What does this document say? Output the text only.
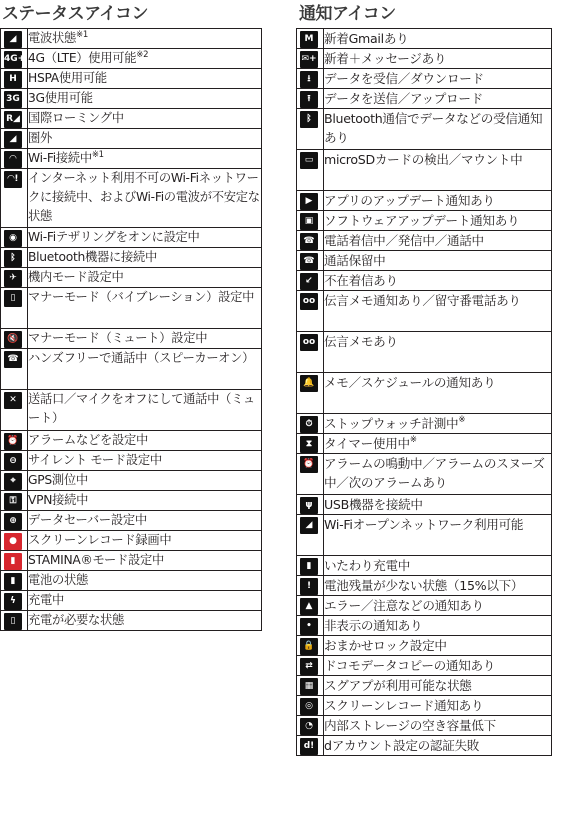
ステータスアイコン
◢	電波状態$^{※1}$

4G+	4G（LTE）使用可能$^{※2}$

H	HSPA使用可能

3G	3G使用可能

R◢	国際ローミング中

◢	圏外

◠	Wi-Fi接続中$^{※1}$

◠!	インターネット利用不可のWi-Fiネットワークに接続中、およびWi-Fiの電波が不安定な状態

◉	Wi-Fiテザリングをオンに設定中

ᛒ	Bluetooth機器に接続中

✈	機内モード設定中

▯	マナーモード（バイブレーション）設定中

🔇	マナーモード（ミュート）設定中

☎	ハンズフリーで通話中（スピーカーオン）

✕	送話口／マイクをオフにして通話中（ミュート）

⏰	アラームなどを設定中

⊖	サイレント モード設定中

⌖	GPS測位中

⚿	VPN接続中

⊕	データセーバー設定中

●	スクリーンレコード録画中

▮	STAMINA®モード設定中

▮	電池の状態

ϟ	充電中

▯	充電が必要な状態
通知アイコン
M	新着Gmailあり

✉+	新着＋メッセージあり

⭳	データを受信／ダウンロード

⭱	データを送信／アップロード

ᛒ	Bluetooth通信でデータなどの受信通知あり

▭	microSDカードの検出／マウント中

▶	アプリのアップデート通知あり

▣	ソフトウェアアップデート通知あり

☎	電話着信中／発信中／通話中

☎	通話保留中

↙	不在着信あり

oo	伝言メモ通知あり／留守番電話あり

oo	伝言メモあり

🔔	メモ／スケジュールの通知あり

⏱	ストップウォッチ計測中※

⧗	タイマー使用中※

⏰	アラームの鳴動中／アラームのスヌーズ中／次のアラームあり

ψ	USB機器を接続中

◢	Wi-Fiオープンネットワーク利用可能

▮	いたわり充電中

!	電池残量が少ない状態（15%以下）

▲	エラー／注意などの通知あり

•	非表示の通知あり

🔒	おまかせロック設定中

⇄	ドコモデータコピーの通知あり

▦	スグアプが利用可能な状態

◎	スクリーンレコード通知あり

◔	内部ストレージの空き容量低下

d!	dアカウント設定の認証失敗
